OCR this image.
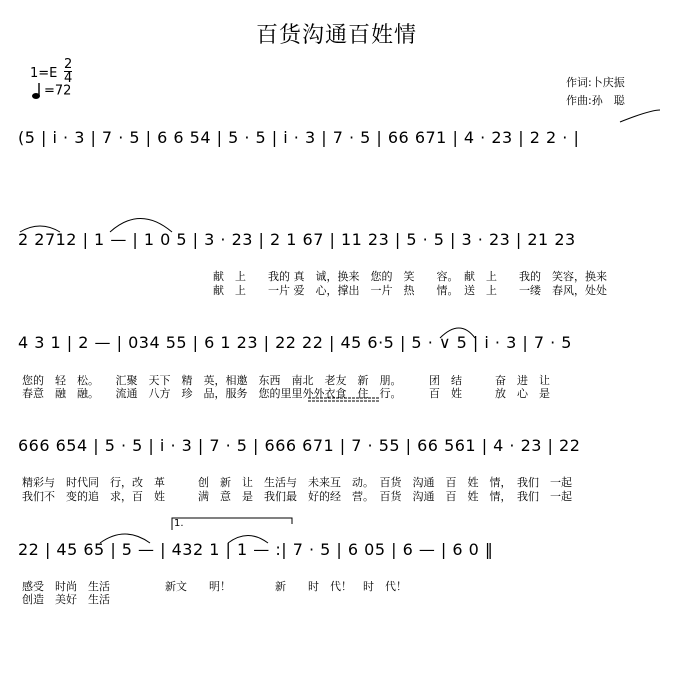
百货沟通百姓情
1=E
2
4
=72
作词:卜庆振
作曲:孙　聪
(5 | i · 3 | 7 · 5 | 6 6 54 | 5 · 5 | i · 3 | 7 · 5 | 66 671 | 4 · 23 | 2 2 · |
2 2712 | 1 — | 1 0 5 | 3 · 23 | 2 1 67 | 11 23 | 5 · 5 | 3 · 23 | 21 23
献　上　　我的 真　诚，换来　您的　笑　　容。　献　上　　我的　笑容，换来
献　上　　一片 爱　心，撑出　一片　热　　情。　送　上　　一缕　春风，处处
4 3 1 | 2 — | 034 55 | 6 1 23 | 22 22 | 45 6·5 | 5 · ∨ 5 | i · 3 | 7 · 5
您的　轻　松。　　汇聚　天下　精　英，相邀　东西　南北　老友　新　朋。　　　团　结　　　奋　进　让
春意　融　融。　　流通　八方　珍　品，服务　您的里里外外衣食　住　行。　　　百　姓　　　放　心　是
666 654 | 5 · 5 | i · 3 | 7 · 5 | 666 671 | 7 · 55 | 66 561 | 4 · 23 | 22
精彩与　时代同　行，改　革　　　创　新　让　生活与　未来互　动。　百货　沟通　百　姓　情，　我们　一起
我们不　变的追　求，百　姓　　　满　意　是　我们最　好的经　营。　百货　沟通　百　姓　情，　我们　一起
1.
22 | 45 65 | 5 — | 432 1 | 1 — :| 7 · 5 | 6 05 | 6 — | 6 0 ‖
感受　时尚　生活　　　　　新文　　明！　　　　新　　时　代！　时　代！
创造　美好　生活
